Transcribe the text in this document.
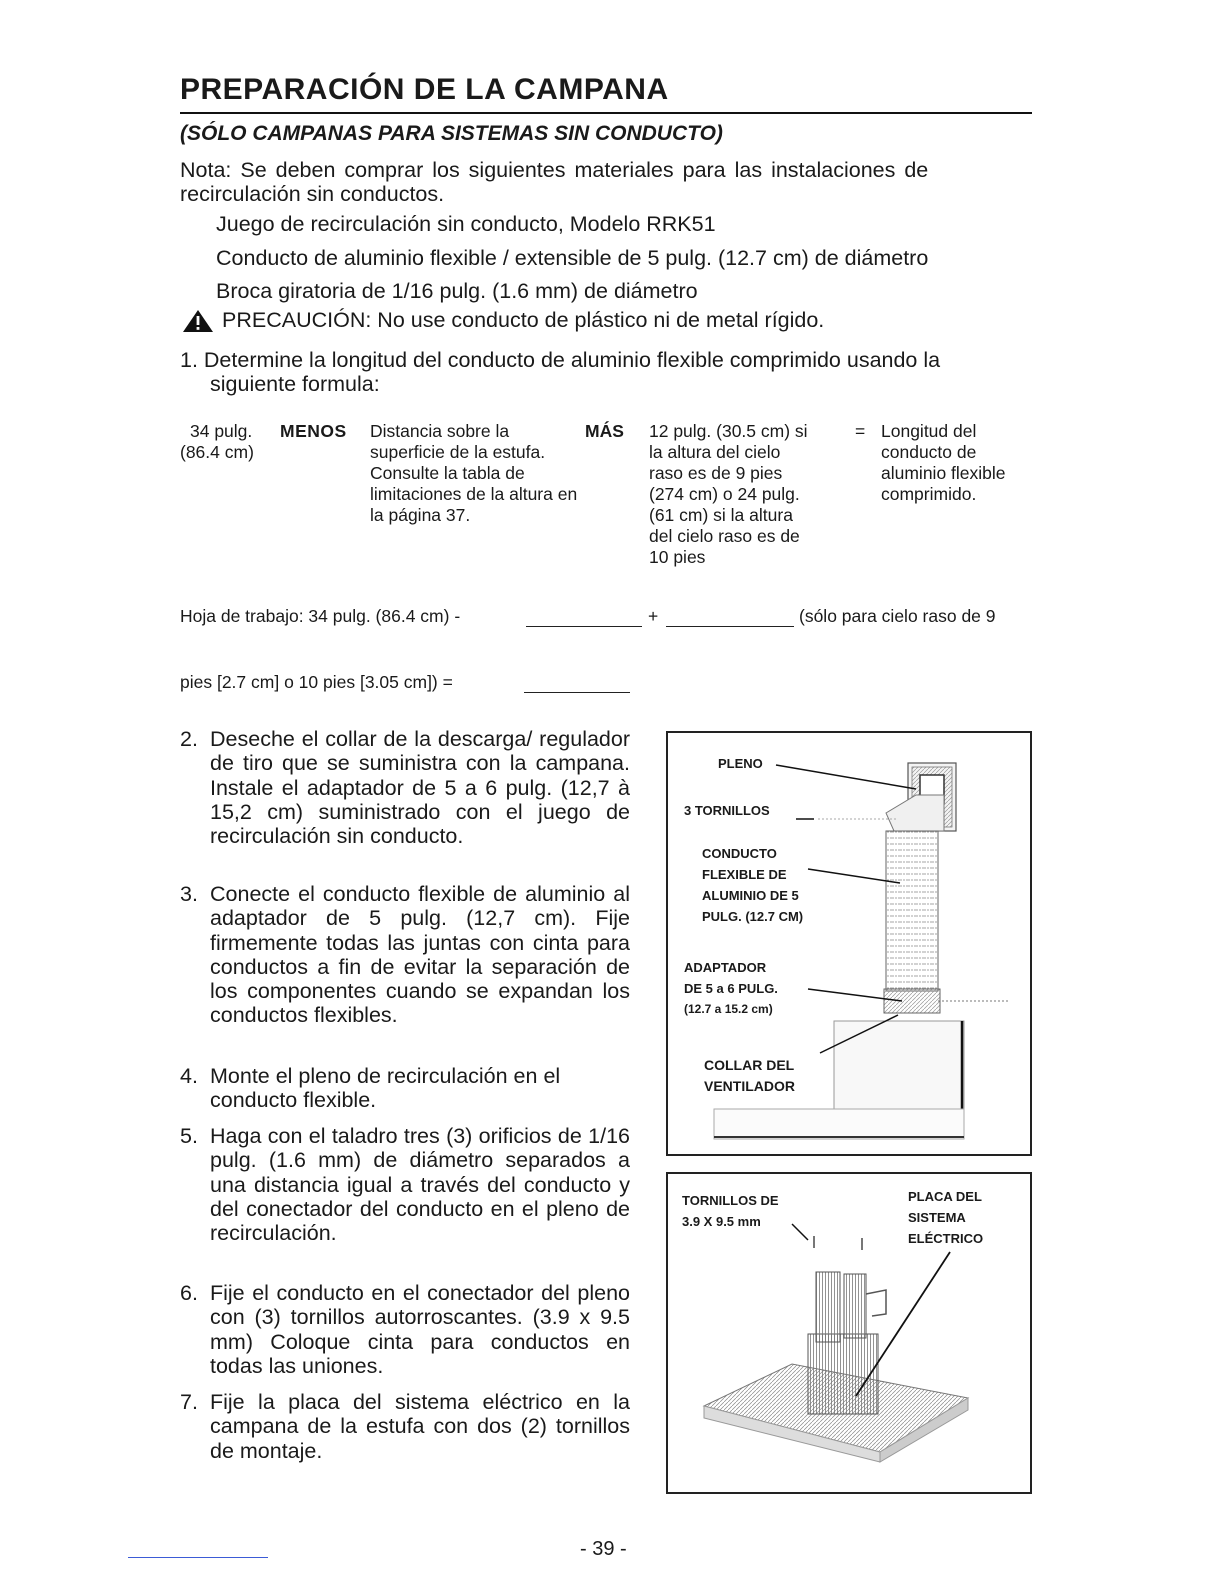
PREPARACIÓN DE LA CAMPANA
(SÓLO CAMPANAS PARA SISTEMAS SIN CONDUCTO)
Nota: Se deben comprar los siguientes materiales para las instalaciones de
recirculación sin conductos.
Juego de recirculación sin conducto, Modelo RRK51
Conducto de aluminio flexible / extensible de 5 pulg. (12.7 cm) de diámetro
Broca giratoria de 1/16 pulg. (1.6 mm) de diámetro
PRECAUCIÓN: No use conducto de plástico ni de metal rígido.
1. Determine la longitud del conducto de aluminio flexible comprimido usando la
siguiente formula:
34 pulg.
(86.4 cm)
MENOS Distancia sobre la
superficie de la estufa.
Consulte la tabla de
limitaciones de la altura en
la página 37.
MÁS 12 pulg. (30.5 cm) si
la altura del cielo
raso es de 9 pies
(274 cm) o 24 pulg.
(61 cm) si la altura
del cielo raso es de
10 pies
= Longitud del
conducto de
aluminio flexible
comprimido.
Hoja de trabajo: 34 pulg. (86.4 cm) -	+	(sólo para cielo raso de 9
pies [2.7 cm] o 10 pies [3.05 cm]) =
2. Deseche el collar de la descarga/ regulador de tiro que se suministra con la campana. Instale el adaptador de 5 a 6 pulg. (12,7 à 15,2 cm) suministrado con el juego de recirculación sin conducto.
3. Conecte el conducto flexible de aluminio al adaptador de 5 pulg. (12,7 cm). Fije firmemente todas las juntas con cinta para conductos a fin de evitar la separación de los componentes cuando se expandan los conductos flexibles.
4. Monte el pleno de recirculación en el conducto flexible.
5. Haga con el taladro tres (3) orificios de 1/16 pulg. (1.6 mm) de diámetro separados a una distancia igual a través del conducto y del conectador del conducto en el pleno de recirculación.
6. Fije el conducto en el conectador del pleno con (3) tornillos autorroscantes. (3.9 x 9.5 mm) Coloque cinta para conductos en todas las uniones.
7. Fije la placa del sistema eléctrico en la campana de la estufa con dos (2) tornillos de montaje.
PLENO
3 TORNILLOS
CONDUCTO
FLEXIBLE DE
ALUMINIO DE 5
PULG. (12.7 CM)
ADAPTADOR
DE 5 a 6 PULG.
(12.7 a 15.2 cm)
COLLAR DEL
VENTILADOR
TORNILLOS DE
3.9 X 9.5 mm
PLACA DEL
SISTEMA
ELÉCTRICO
- 39 -
